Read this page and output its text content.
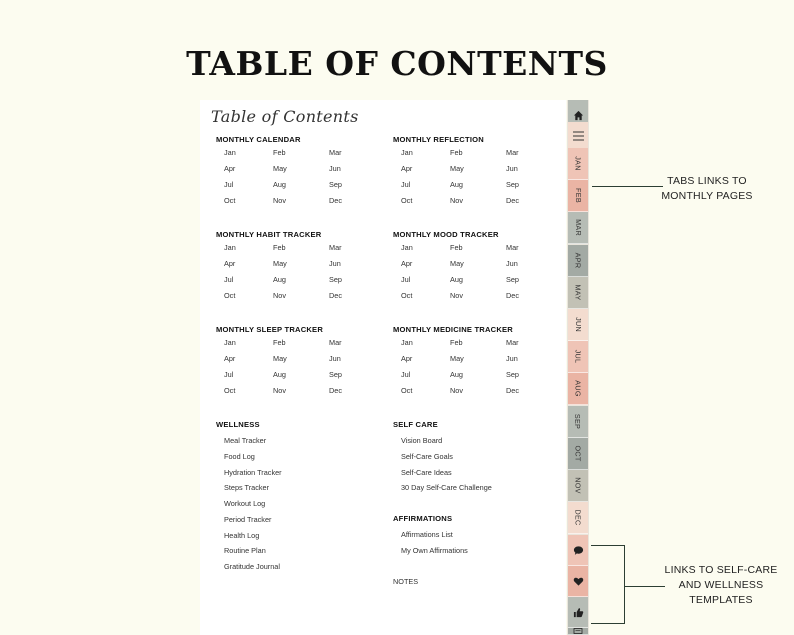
TABLE OF CONTENTS
Table of Contents
MONTHLY CALENDAR
Jan	Feb	Mar
Apr	May	Jun
Jul	Aug	Sep
Oct	Nov	Dec
MONTHLY REFLECTION
Jan	Feb	Mar
Apr	May	Jun
Jul	Aug	Sep
Oct	Nov	Dec
MONTHLY HABIT TRACKER
Jan	Feb	Mar
Apr	May	Jun
Jul	Aug	Sep
Oct	Nov	Dec
MONTHLY MOOD TRACKER
Jan	Feb	Mar
Apr	May	Jun
Jul	Aug	Sep
Oct	Nov	Dec
MONTHLY SLEEP TRACKER
Jan	Feb	Mar
Apr	May	Jun
Jul	Aug	Sep
Oct	Nov	Dec
MONTHLY MEDICINE TRACKER
Jan	Feb	Mar
Apr	May	Jun
Jul	Aug	Sep
Oct	Nov	Dec
WELLNESS
Meal Tracker
Food Log
Hydration Tracker
Steps Tracker
Workout Log
Period Tracker
Health Log
Routine Plan
Gratitude Journal
SELF CARE
Vision Board
Self-Care Goals
Self-Care Ideas
30 Day Self-Care Challenge
AFFIRMATIONS
Affirmations List
My Own Affirmations
NOTES
JAN
FEB
MAR
APR
MAY
JUN
JUL
AUG
SEP
OCT
NOV
DEC
TABS LINKS TO
MONTHLY PAGES
LINKS TO SELF-CARE
AND WELLNESS
TEMPLATES
